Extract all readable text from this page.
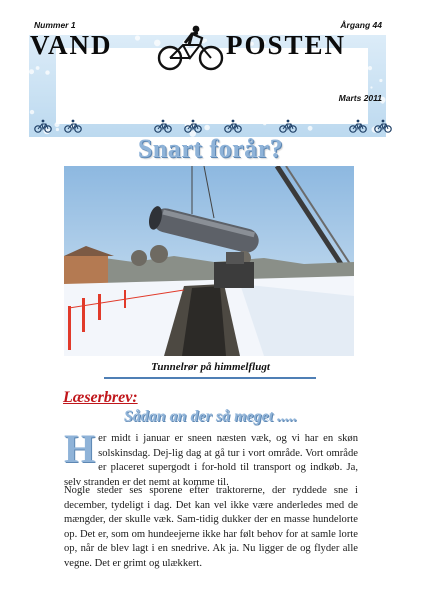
Nummer 1	Årgang 44
VAND	POSTEN
Marts 2011
Snart forår?
Tunnelrør på himmelflugt
Læserbrev:
Sådan an der så meget .....
Her midt i januar er sneen næsten væk, og vi har en skøn solskinsdag. Dej-lig dag at gå tur i vort område. Vort område er placeret supergodt i for-hold til transport og indkøb. Ja, selv stranden er det nemt at komme til.
Nogle steder ses sporene efter traktorerne, der ryddede sne i december, tydeligt i dag. Det kan vel ikke være anderledes med de mængder, der skulle væk. Sam-tidig dukker der en masse hundelorte op. Det er, som om hundeejerne ikke har følt behov for at samle lorte op, når de blev lagt i en snedrive. Ak ja. Nu ligger de og flyder alle vegne. Det er grimt og ulækkert.
